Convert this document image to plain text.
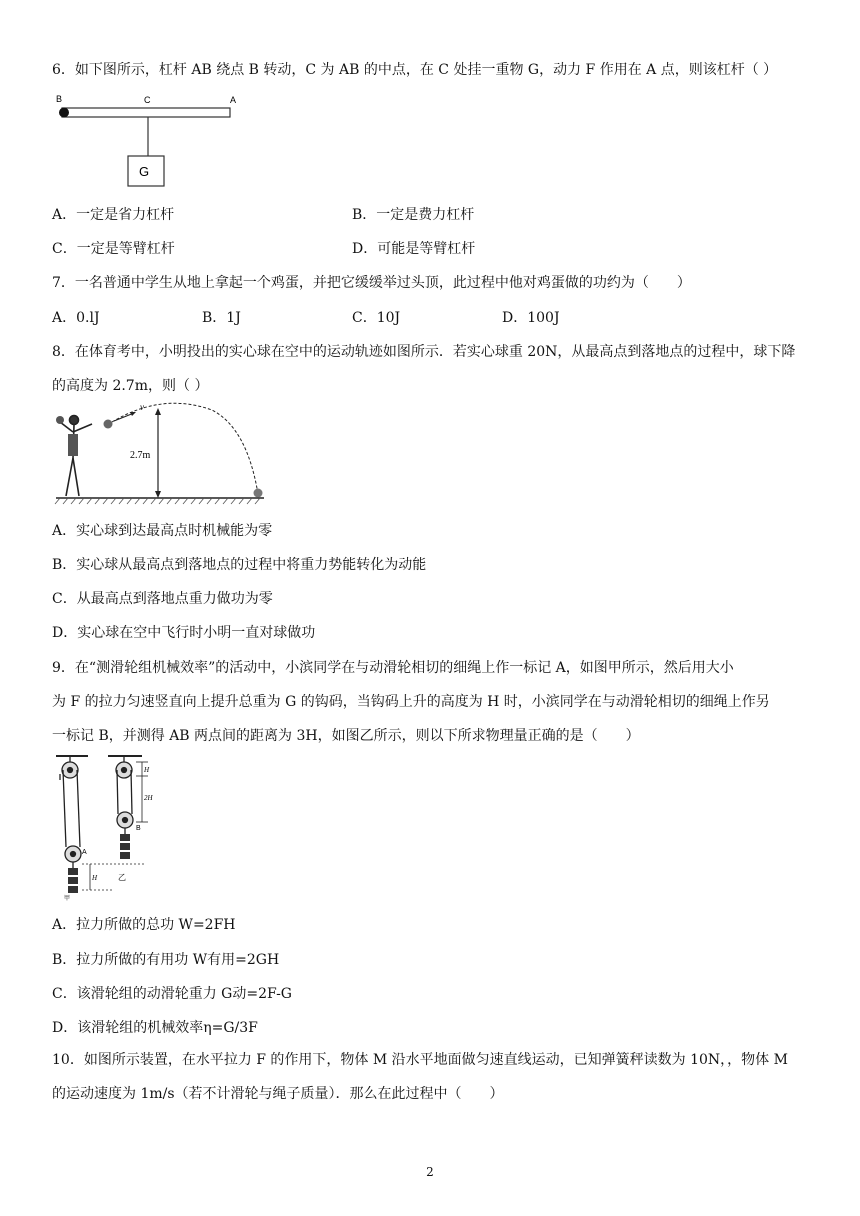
6．如下图所示，杠杆 AB 绕点 B 转动，C 为 AB 的中点，在 C 处挂一重物 G，动力 F 作用在 A 点，则该杠杆（ ）
B	C	A
G
A．一定是省力杠杆	B．一定是费力杠杆
C．一定是等臂杠杆	D．可能是等臂杠杆
7．一名普通中学生从地上拿起一个鸡蛋，并把它缓缓举过头顶，此过程中他对鸡蛋做的功约为（　　）
A．0.lJ	B．1J	C．10J	D．100J
8．在体育考中，小明投出的实心球在空中的运动轨迹如图所示．若实心球重 20N，从最高点到落地点的过程中，球下降
的高度为 2.7m，则（ ）
v
2.7m
A．实心球到达最高点时机械能为零
B．实心球从最高点到落地点的过程中将重力势能转化为动能
C．从最高点到落地点重力做功为零
D．实心球在空中飞行时小明一直对球做功
9．在“测滑轮组机械效率”的活动中，小滨同学在与动滑轮相切的细绳上作一标记 A，如图甲所示，然后用大小
为 F 的拉力匀速竖直向上提升总重为 G 的钩码，当钩码上升的高度为 H 时，小滨同学在与动滑轮相切的细绳上作另
一标记 B，并测得 AB 两点间的距离为 3H，如图乙所示，则以下所求物理量正确的是（　　）
A
甲
H
2H
B
H	乙
A．拉力所做的总功 W=2FH
B．拉力所做的有用功 W有用=2GH
C．该滑轮组的动滑轮重力 G动=2F-G
D．该滑轮组的机械效率η=G/3F
10．如图所示装置，在水平拉力 F 的作用下，物体 M 沿水平地面做匀速直线运动，已知弹簧秤读数为 10N，，物体 M
的运动速度为 1m/s（若不计滑轮与绳子质量）．那么在此过程中（　　）
2
